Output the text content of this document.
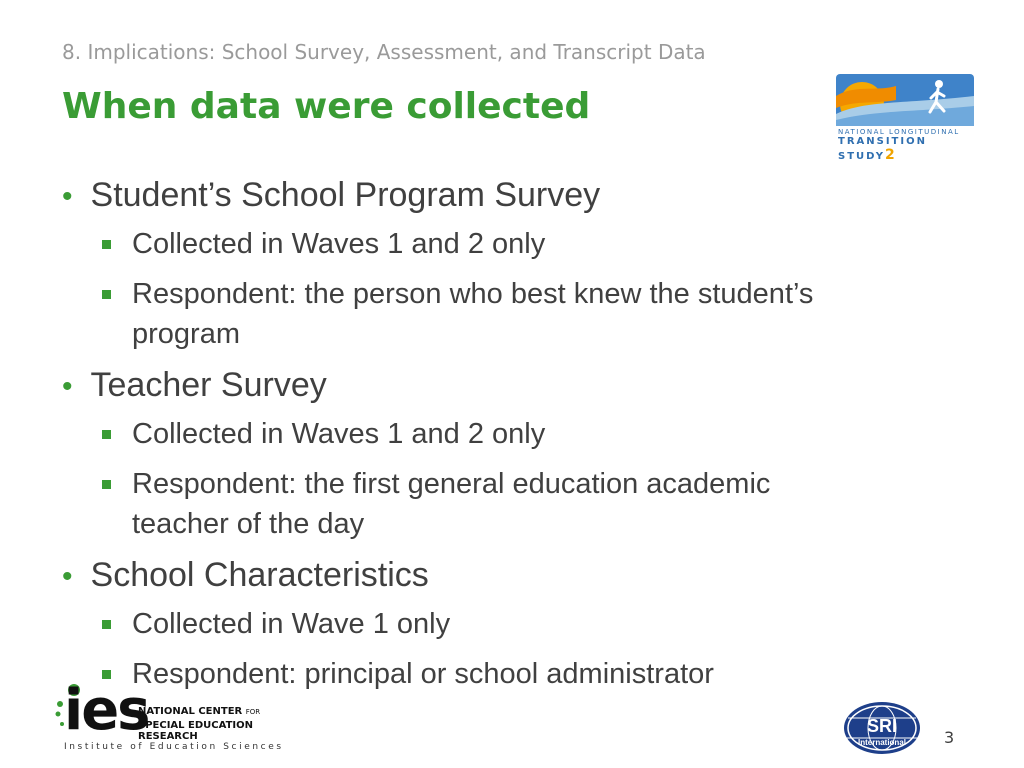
8. Implications: School Survey, Assessment, and Transcript Data
When data were collected
NATIONAL LONGITUDINAL
TRANSITION STUDY2
• Student’s School Program Survey
Collected in Waves 1 and 2 only
Respondent: the person who best knew the student’s
program
• Teacher Survey
Collected in Waves 1 and 2 only
Respondent: the first general education academic
teacher of the day
• School Characteristics
Collected in Wave 1 only
Respondent: principal or school administrator
ies
NATIONAL CENTER FOR
SPECIAL EDUCATION RESEARCH
Institute of Education Sciences
SRI
International 3
